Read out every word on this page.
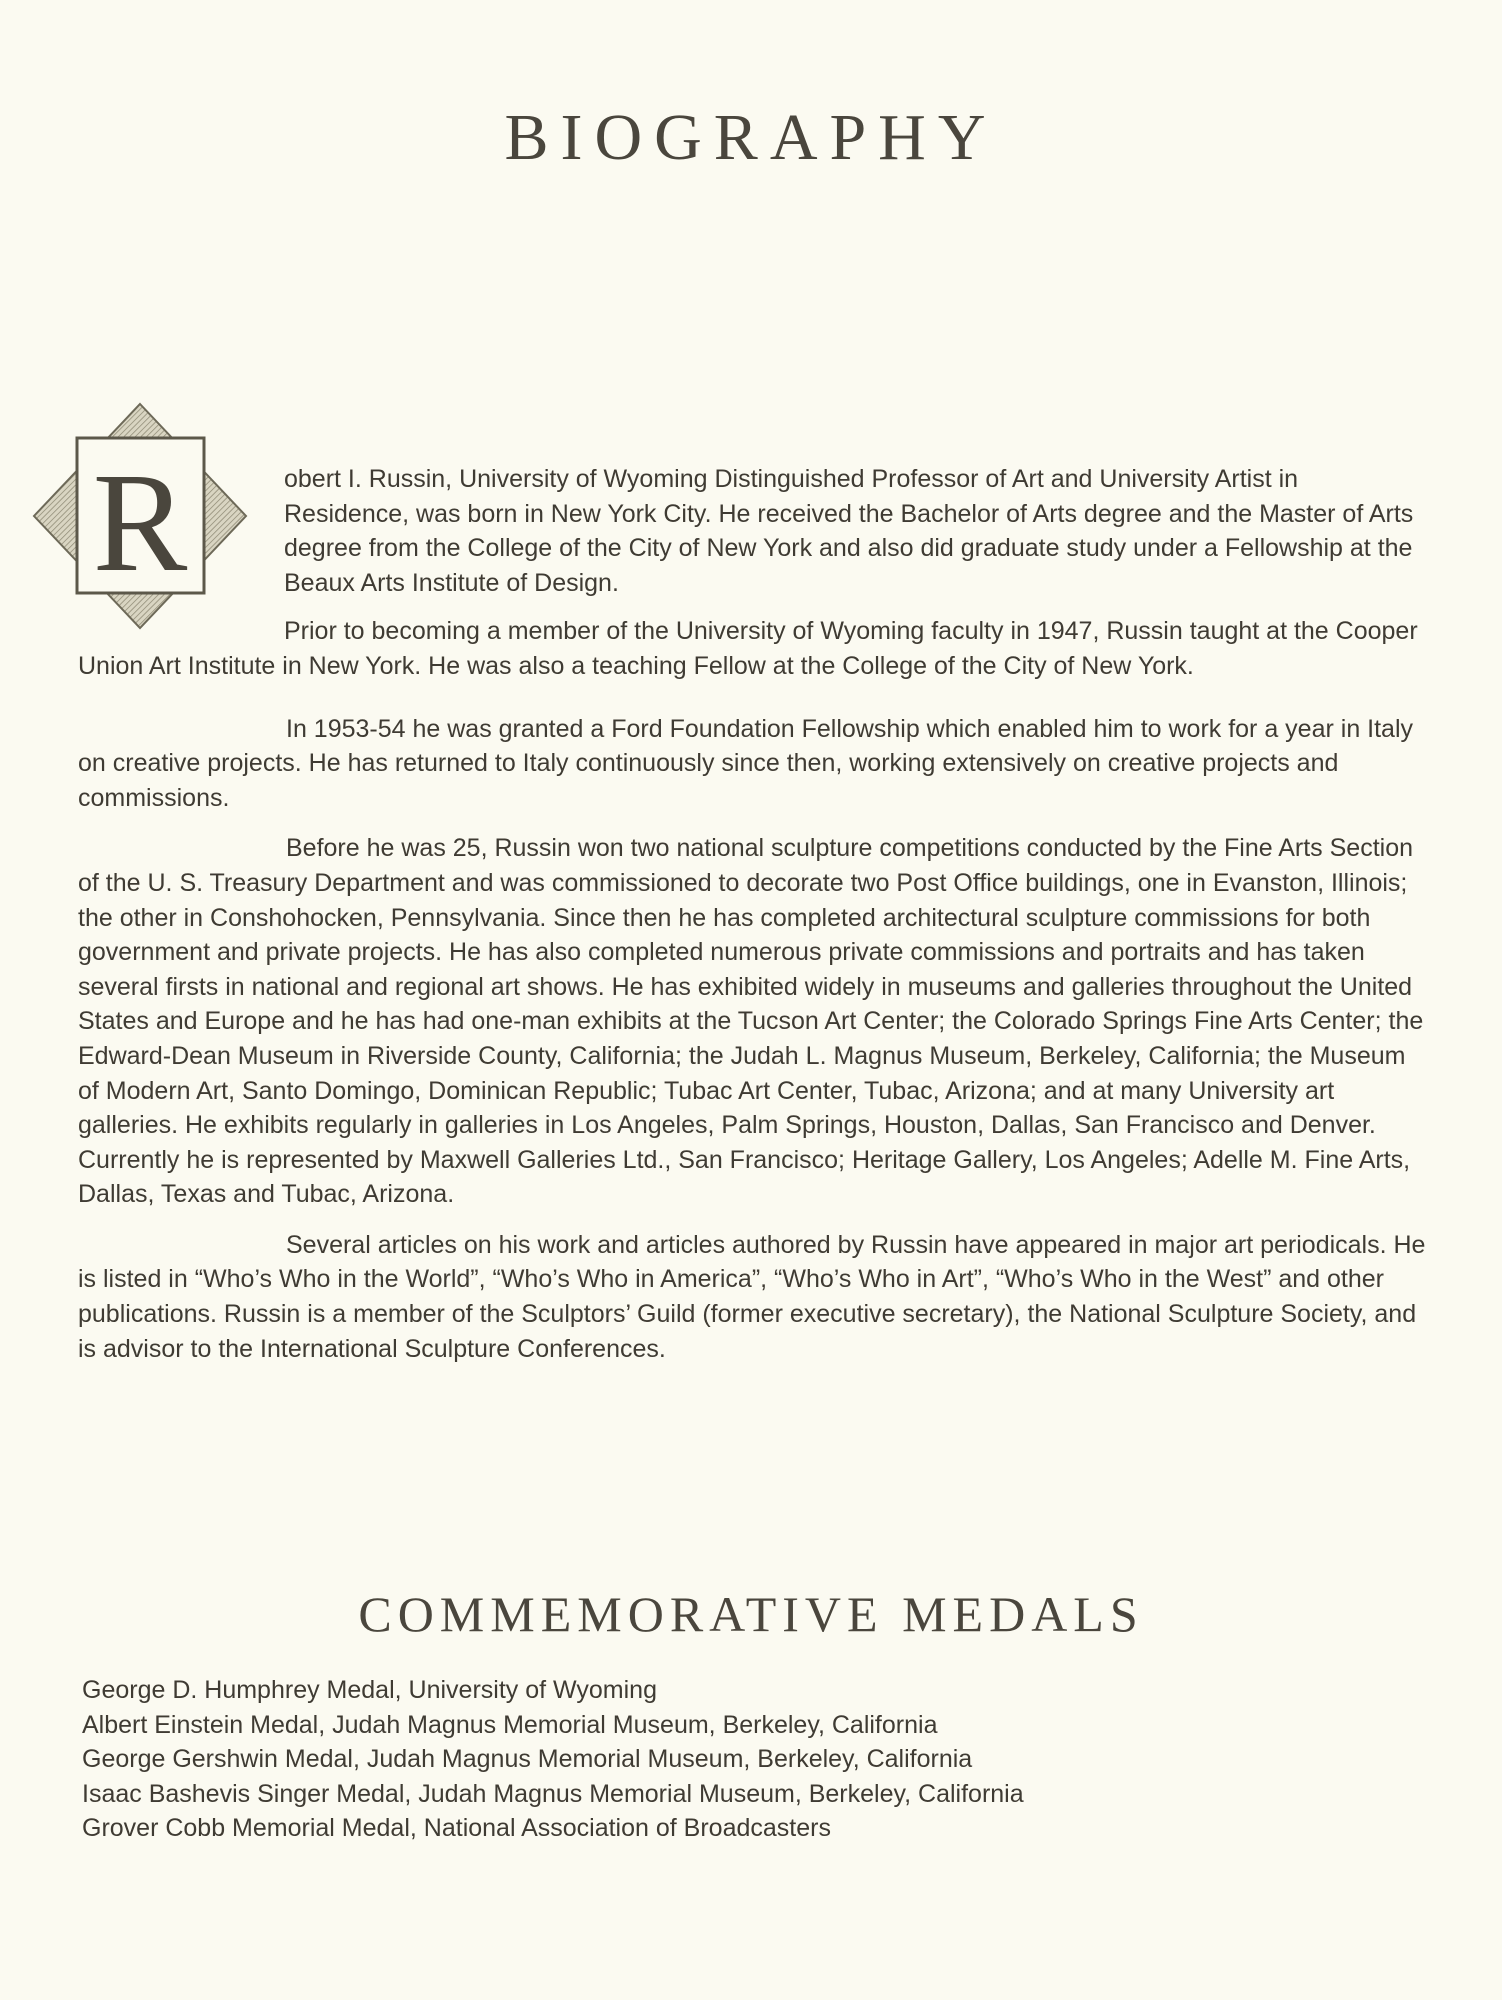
BIOGRAPHY
R	obert I. Russin, University of Wyoming Distinguished Professor of Art and University Artist in Residence, was born in New York City. He received the Bachelor of Arts degree and the Master of Arts degree from the College of the City of New York and also did graduate study under a Fellowship at the Beaux Arts Institute of Design.

Prior to becoming a member of the University of Wyoming faculty in 1947, Russin taught at the Cooper Union Art Institute in New York. He was also a teaching Fellow at the College of the City of New York.

In 1953-54 he was granted a Ford Foundation Fellowship which enabled him to work for a year in Italy on creative projects. He has returned to Italy continuously since then, working extensively on creative projects and commissions.

Before he was 25, Russin won two national sculpture competitions conducted by the Fine Arts Section of the U. S. Treasury Department and was commissioned to decorate two Post Office buildings, one in Evanston, Illinois; the other in Conshohocken, Pennsylvania. Since then he has completed architectural sculpture commissions for both government and private projects. He has also completed numerous private commissions and portraits and has taken several firsts in national and regional art shows. He has exhibited widely in museums and galleries throughout the United States and Europe and he has had one-man exhibits at the Tucson Art Center; the Colorado Springs Fine Arts Center; the Edward-Dean Museum in Riverside County, California; the Judah L. Magnus Museum, Berkeley, California; the Museum of Modern Art, Santo Domingo, Dominican Republic; Tubac Art Center, Tubac, Arizona; and at many University art galleries. He exhibits regularly in galleries in Los Angeles, Palm Springs, Houston, Dallas, San Francisco and Denver. Currently he is represented by Maxwell Galleries Ltd., San Francisco; Heritage Gallery, Los Angeles; Adelle M. Fine Arts, Dallas, Texas and Tubac, Arizona.

Several articles on his work and articles authored by Russin have appeared in major art periodicals. He is listed in “Who’s Who in the World”, “Who’s Who in America”, “Who’s Who in Art”, “Who’s Who in the West” and other publications. Russin is a member of the Sculptors’ Guild (former executive secretary), the National Sculpture Society, and is advisor to the International Sculpture Conferences.

COMMEMORATIVE MEDALS
George D. Humphrey Medal, University of Wyoming
Albert Einstein Medal, Judah Magnus Memorial Museum, Berkeley, California
George Gershwin Medal, Judah Magnus Memorial Museum, Berkeley, California
Isaac Bashevis Singer Medal, Judah Magnus Memorial Museum, Berkeley, California
Grover Cobb Memorial Medal, National Association of Broadcasters
